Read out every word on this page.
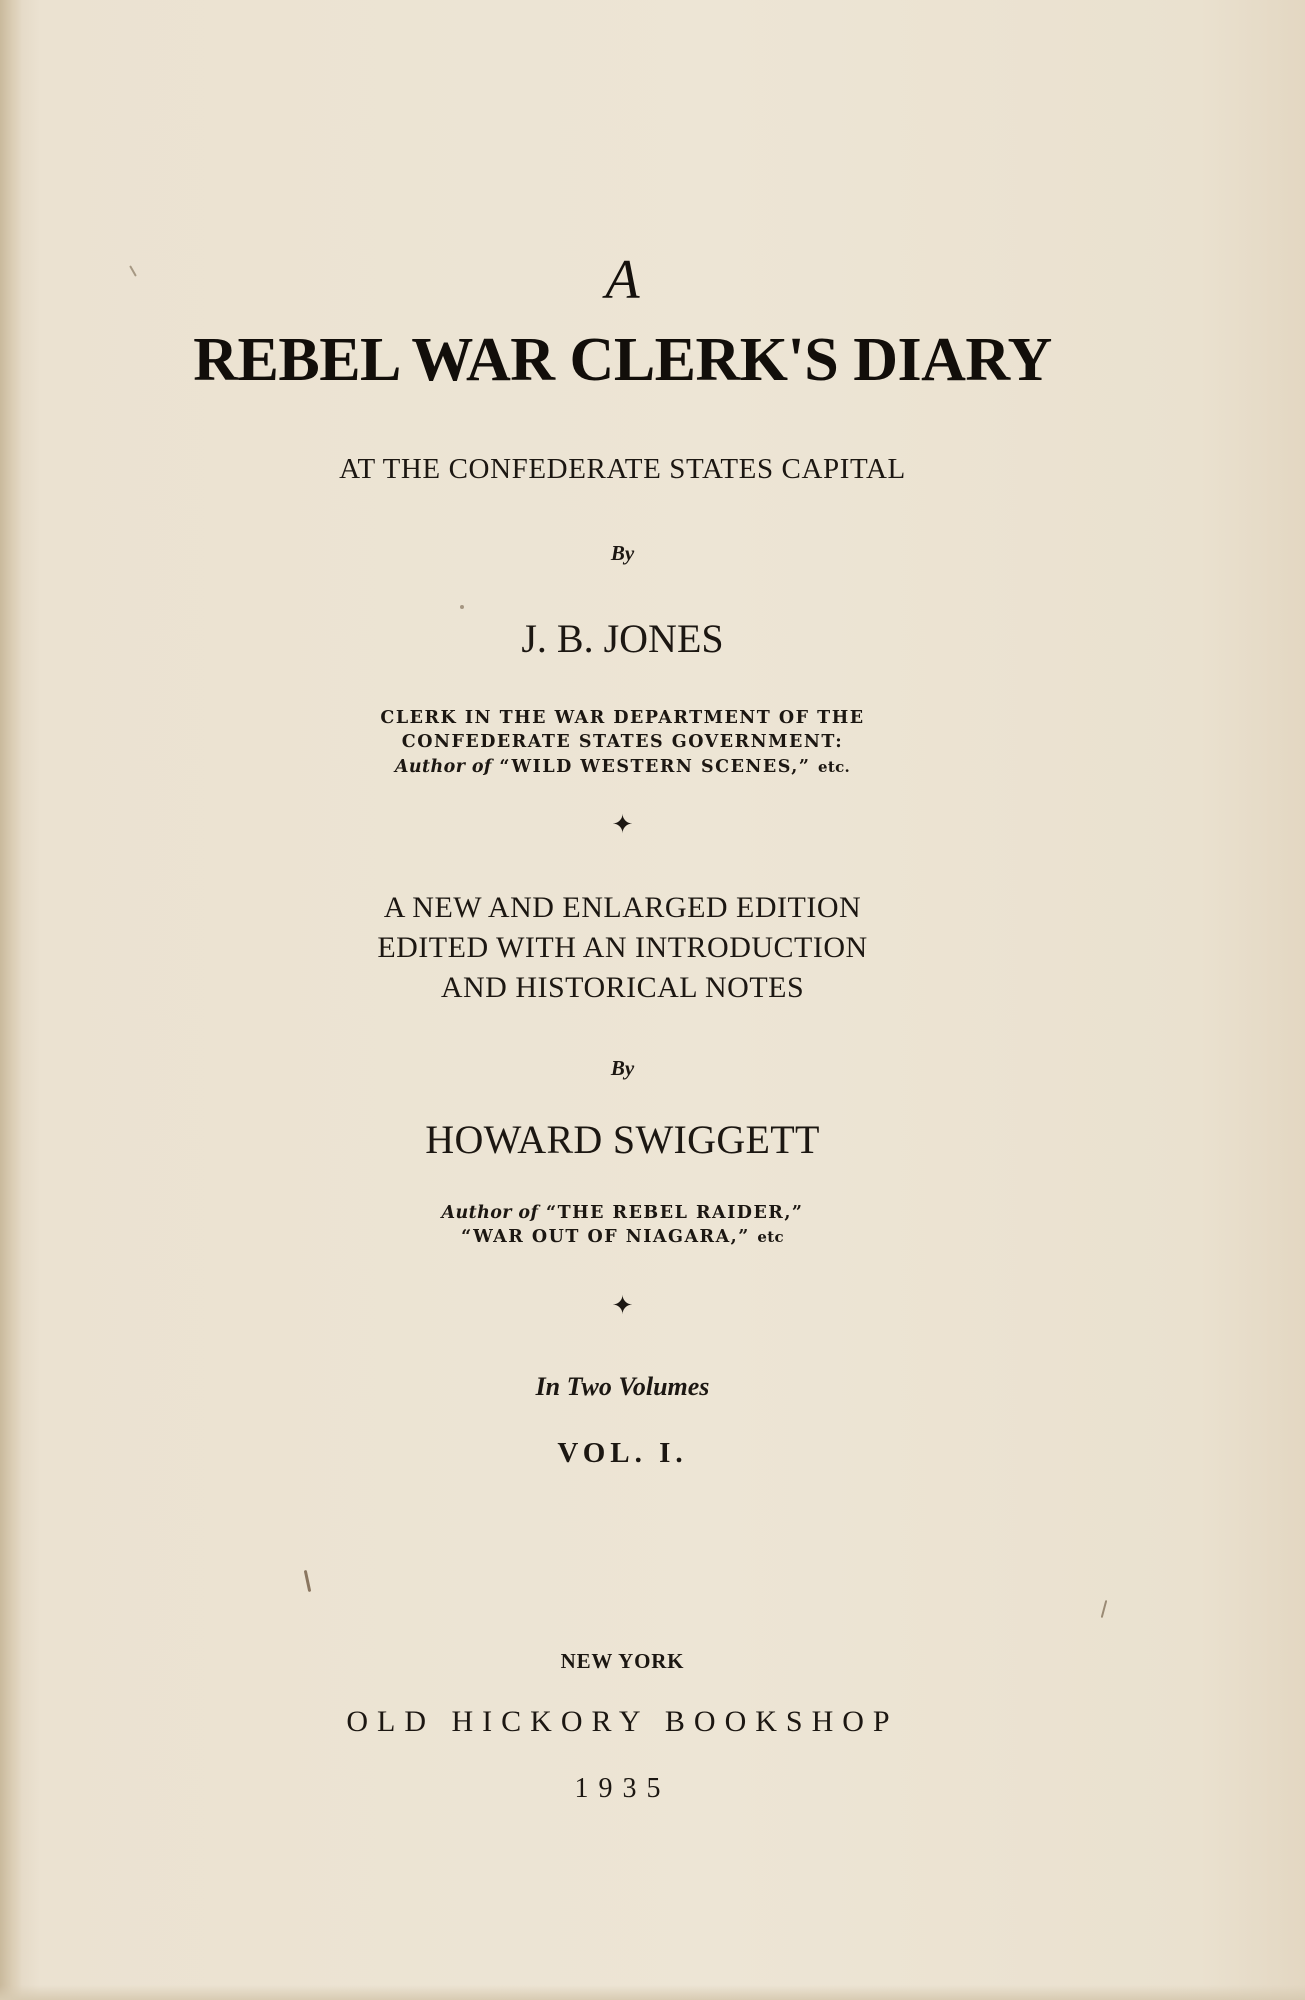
A

REBEL WAR CLERK'S DIARY

AT THE CONFEDERATE STATES CAPITAL

By

J. B. JONES

CLERK IN THE WAR DEPARTMENT OF THE

CONFEDERATE STATES GOVERNMENT:

Author of “WILD WESTERN SCENES,” etc.

✦

A NEW AND ENLARGED EDITION

EDITED WITH AN INTRODUCTION

AND HISTORICAL NOTES

By

HOWARD SWIGGETT

Author of “THE REBEL RAIDER,”

“WAR OUT OF NIAGARA,” etc

✦

In Two Volumes

VOL. I.

NEW YORK

OLD HICKORY BOOKSHOP

1935
